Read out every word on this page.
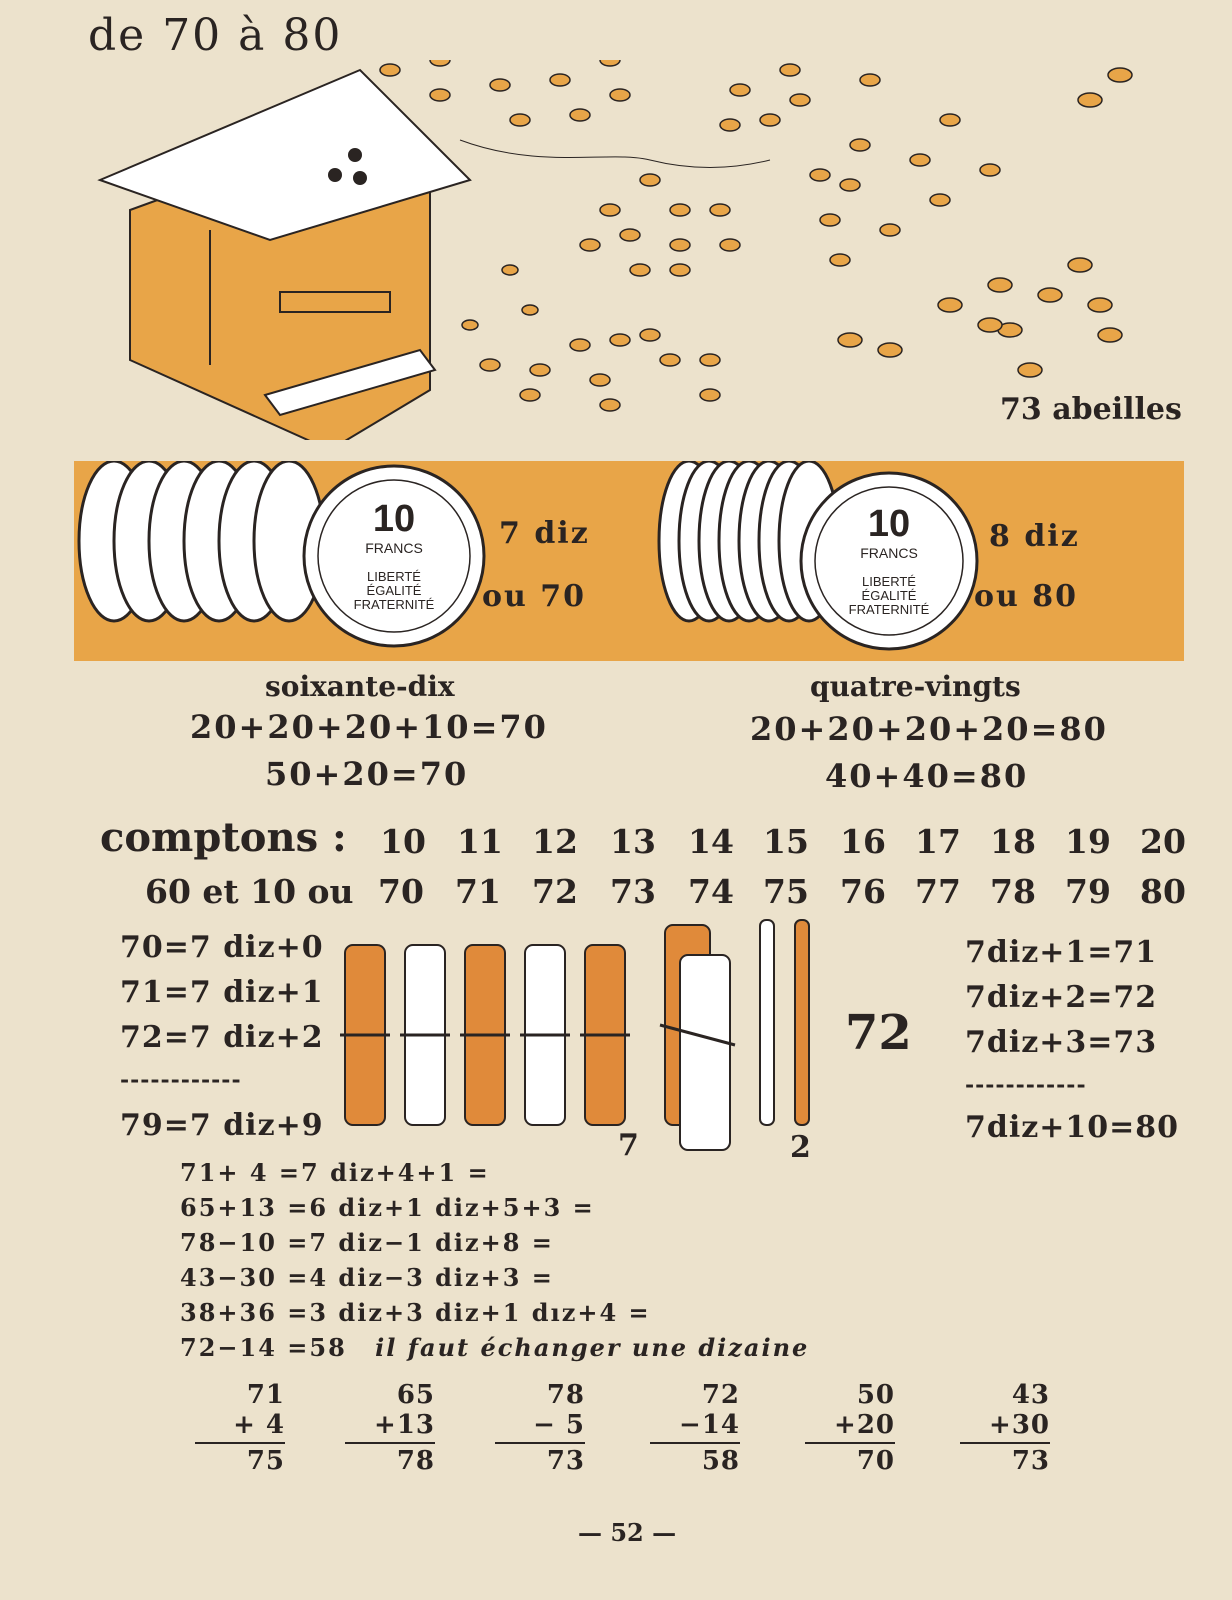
de 70 à 80
73 abeilles
10
FRANCS
LIBERTÉ
ÉGALITÉ
FRATERNITÉ
7 diz
ou 70
10
FRANCS
LIBERTÉ
ÉGALITÉ
FRATERNITÉ
8 diz
ou 80
soixante-dix
20+20+20+10=70
50+20=70
quatre-vingts
20+20+20+20=80
40+40=80
comptons : 10 11 12 13 14 15 16 17 18 19 20
60 et 10 ou 70 71 72 73 74 75 76 77 78 79 80
70=7 diz+0
71=7 diz+1
72=7 diz+2
------------
79=7 diz+9
72
7	2
7diz+1=71
7diz+2=72
7diz+3=73
------------
7diz+10=80
71+ 4 =7 diz+4+1 =
65+13 =6 diz+1 diz+5+3 =
78−10 =7 diz−1 diz+8 =
43−30 =4 diz−3 diz+3 =
38+36 =3 diz+3 diz+1 dız+4 =
72−14 =58 il faut échanger une dizaine
71
+ 4
75
65
+13
78
78
− 5
73
72
−14
58
50
+20
70
43
+30
73
— 52 —
